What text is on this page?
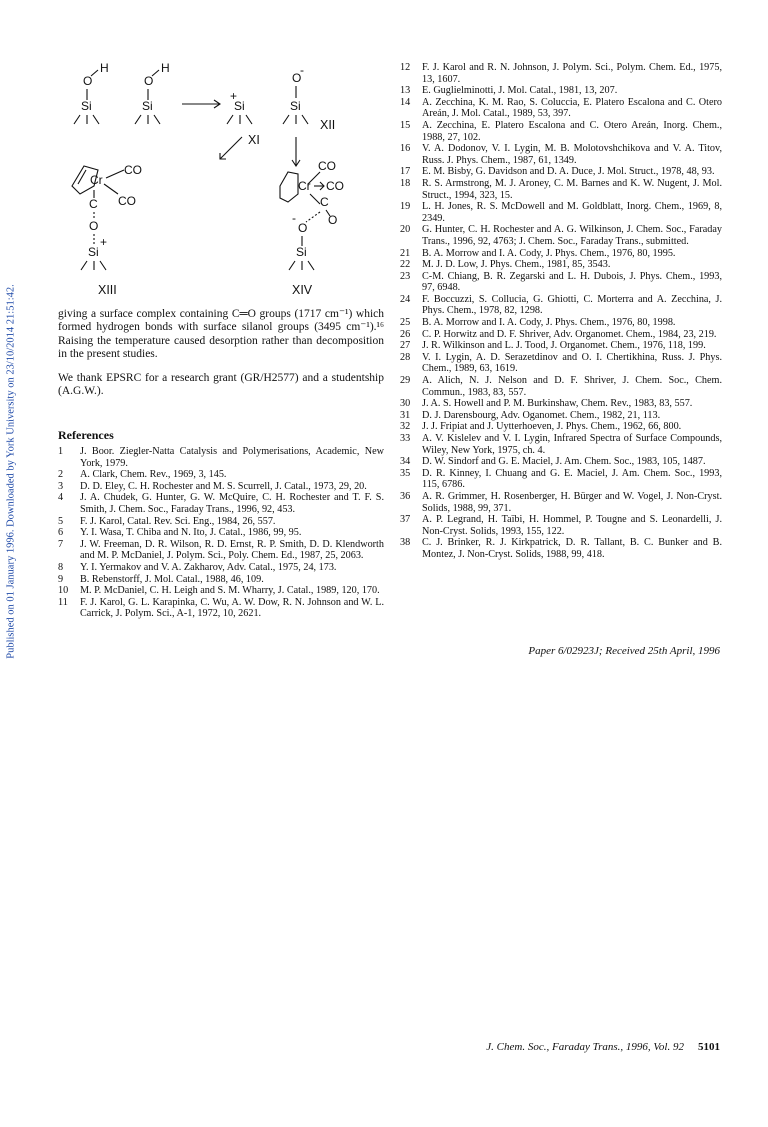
Published on 01 January 1996. Downloaded by York University on 23/10/2014 21:51:42.
H
O
Si
H
O
Si
+
Si
XI
O
-
Si
XII
Cr
CO
CO
C
O
+
Si
XIII
CO
Cr CO
C
O
-
O
Si
XIV

giving a surface complex containing C═O groups (1717 cm⁻¹) which formed hydrogen bonds with surface silanol groups (3495 cm⁻¹).¹⁶ Raising the temperature caused desorption rather than decomposition in the present studies.

We thank EPSRC for a research grant (GR/H2577) and a studentship (A.G.W.).

References
1	J. Boor. Ziegler-Natta Catalysis and Polymerisations, Academic, New York, 1979.
2	A. Clark, Chem. Rev., 1969, 3, 145.
3	D. D. Eley, C. H. Rochester and M. S. Scurrell, J. Catal., 1973, 29, 20.
4	J. A. Chudek, G. Hunter, G. W. McQuire, C. H. Rochester and T. F. S. Smith, J. Chem. Soc., Faraday Trans., 1996, 92, 453.
5	F. J. Karol, Catal. Rev. Sci. Eng., 1984, 26, 557.
6	Y. I. Wasa, T. Chiba and N. Ito, J. Catal., 1986, 99, 95.
7	J. W. Freeman, D. R. Wilson, R. D. Ernst, R. P. Smith, D. D. Klendworth and M. P. McDaniel, J. Polym. Sci., Poly. Chem. Ed., 1987, 25, 2063.
8	Y. I. Yermakov and V. A. Zakharov, Adv. Catal., 1975, 24, 173.
9	B. Rebenstorff, J. Mol. Catal., 1988, 46, 109.
10	M. P. McDaniel, C. H. Leigh and S. M. Wharry, J. Catal., 1989, 120, 170.
11	F. J. Karol, G. L. Karapinka, C. Wu, A. W. Dow, R. N. Johnson and W. L. Carrick, J. Polym. Sci., A-1, 1972, 10, 2621.
12	F. J. Karol and R. N. Johnson, J. Polym. Sci., Polym. Chem. Ed., 1975, 13, 1607.
13	E. Guglielminotti, J. Mol. Catal., 1981, 13, 207.
14	A. Zecchina, K. M. Rao, S. Coluccia, E. Platero Escalona and C. Otero Areán, J. Mol. Catal., 1989, 53, 397.
15	A. Zecchina, E. Platero Escalona and C. Otero Areán, Inorg. Chem., 1988, 27, 102.
16	V. A. Dodonov, V. I. Lygin, M. B. Molotovshchikova and V. A. Titov, Russ. J. Phys. Chem., 1987, 61, 1349.
17	E. M. Bisby, G. Davidson and D. A. Duce, J. Mol. Struct., 1978, 48, 93.
18	R. S. Armstrong, M. J. Aroney, C. M. Barnes and K. W. Nugent, J. Mol. Struct., 1994, 323, 15.
19	L. H. Jones, R. S. McDowell and M. Goldblatt, Inorg. Chem., 1969, 8, 2349.
20	G. Hunter, C. H. Rochester and A. G. Wilkinson, J. Chem. Soc., Faraday Trans., 1996, 92, 4763; J. Chem. Soc., Faraday Trans., submitted.
21	B. A. Morrow and I. A. Cody, J. Phys. Chem., 1976, 80, 1995.
22	M. J. D. Low, J. Phys. Chem., 1981, 85, 3543.
23	C-M. Chiang, B. R. Zegarski and L. H. Dubois, J. Phys. Chem., 1993, 97, 6948.
24	F. Boccuzzi, S. Collucia, G. Ghiotti, C. Morterra and A. Zecchina, J. Phys. Chem., 1978, 82, 1298.
25	B. A. Morrow and I. A. Cody, J. Phys. Chem., 1976, 80, 1998.
26	C. P. Horwitz and D. F. Shriver, Adv. Organomet. Chem., 1984, 23, 219.
27	J. R. Wilkinson and L. J. Tood, J. Organomet. Chem., 1976, 118, 199.
28	V. I. Lygin, A. D. Serazetdinov and O. I. Chertikhina, Russ. J. Phys. Chem., 1989, 63, 1619.
29	A. Alich, N. J. Nelson and D. F. Shriver, J. Chem. Soc., Chem. Commun., 1983, 83, 557.
30	J. A. S. Howell and P. M. Burkinshaw, Chem. Rev., 1983, 83, 557.
31	D. J. Darensbourg, Adv. Oganomet. Chem., 1982, 21, 113.
32	J. J. Fripiat and J. Uytterhoeven, J. Phys. Chem., 1962, 66, 800.
33	A. V. Kislelev and V. I. Lygin, Infrared Spectra of Surface Compounds, Wiley, New York, 1975, ch. 4.
34	D. W. Sindorf and G. E. Maciel, J. Am. Chem. Soc., 1983, 105, 1487.
35	D. R. Kinney, I. Chuang and G. E. Maciel, J. Am. Chem. Soc., 1993, 115, 6786.
36	A. R. Grimmer, H. Rosenberger, H. Bürger and W. Vogel, J. Non-Cryst. Solids, 1988, 99, 371.
37	A. P. Legrand, H. Taïbi, H. Hommel, P. Tougne and S. Leonardelli, J. Non-Cryst. Solids, 1993, 155, 122.
38	C. J. Brinker, R. J. Kirkpatrick, D. R. Tallant, B. C. Bunker and B. Montez, J. Non-Cryst. Solids, 1988, 99, 418.
Paper 6/02923J; Received 25th April, 1996
J. Chem. Soc., Faraday Trans., 1996, Vol. 92 5101
